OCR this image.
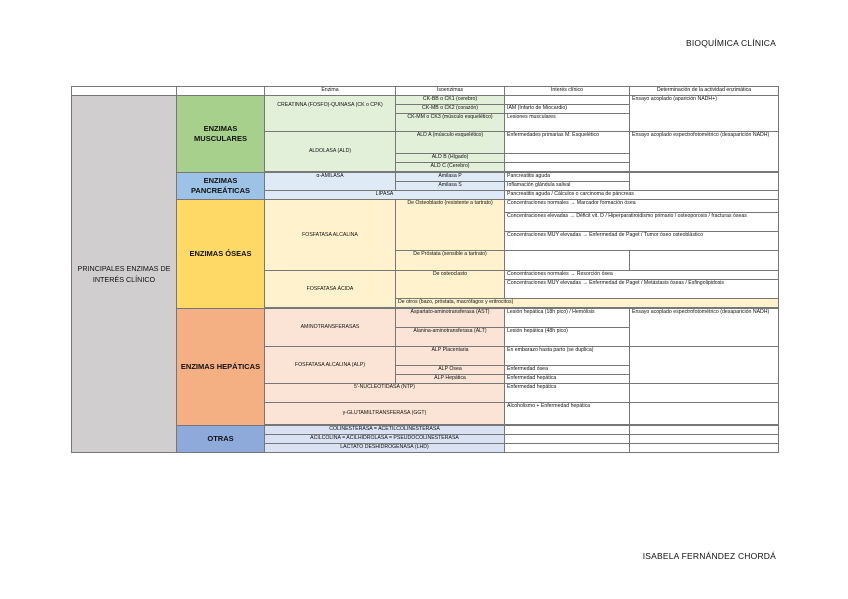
BIOQUÍMICA CLÍNICA
		Enzima	Isoenzimas	Interés clínico	Determinación de la actividad enzimática
PRINCIPALES ENZIMAS DE INTERÉS CLÍNICO	ENZIMAS MUSCULARES	CREATINNA (FOSFO)-QUINASA (CK o CPK)	CK-BB o CK1 (cerebro)		Ensayo acoplado (aparición NADH+)
			CK-MB o CK2 (corazón)	IAM (Infarto de Miocardio)	
			CK-MM o CK3 (músculo esquelético)	Lesiones musculares	
		ALDOLASA (ALD)	ALD A (músculo esquelético)	Enfermedades primarias M. Esquelético	Ensayo acoplado espectrofotométrico (desaparición NADH)
			ALD B (Hígado)		
			ALD C (Cerebro)		

	ENZIMAS PANCREÁTICAS	α-AMILASA	Amilasa P	Pancreatitis aguda	
			Amilasa S	Inflamación glándula salival	
		LIPASA		Pancreatitis aguda / Cálculos o carcinoma de páncreas	
	ENZIMAS ÓSEAS	FOSFATASA ALCALINA	De Osteoblasto (resistente a tartrato)	Concentraciones normales → Marcador formación ósea	
				Concentraciones elevadas → Déficit vit. D / Hiperparatiroidismo primario / osteoporosis / fracturas óseas	
				Concentraciones MUY elevadas → Enfermedad de Paget / Tumor óseo osteoblástico	
			De Próstata (sensible a tartrato)		
		FOSFATASA ÁCIDA	De osteoclasto	Concentraciones normales → Resorción ósea	
				Concentraciones MUY elevadas → Enfermedad de Paget / Metástasis óseas / Esfingolipidosis	
			De otros (bazo, próstata, macrófagos y eritrocitos)		

	ENZIMAS HEPÁTICAS	AMINOTRANSFERASAS	Aspartato-aminotransferasa (AST)	Lesión hepática (18h pico) / Hemólisis	Ensayo acoplado espectrofotométrico (desaparición NADH)
			Alanina-aminotransferasa (ALT)	Lesión hepática (48h pico)	
		FOSFATASA ALCALINA (ALP)	ALP Placentaria	En embarazo hasta parto (se duplica)	
			ALP Ósea	Enfermedad ósea	
			ALP Hepática	Enfermedad hepática	
		5'-NUCLEOTIDASA (NTP)		Enfermedad hepática	
		γ-GLUTAMILTRANSFERASA (GGT)		Alcoholismo + Enfermedad hepática	

	OTRAS	COLINESTERASA = ACETILCOLINESTERASA			
		ACILCOLINA = ACILHIDROLASA = PSEUDOCOLINESTERASA			
		LACTATO DESHIDROGENASA (LHD)			
ISABELA FERNÁNDEZ CHORDÁ
